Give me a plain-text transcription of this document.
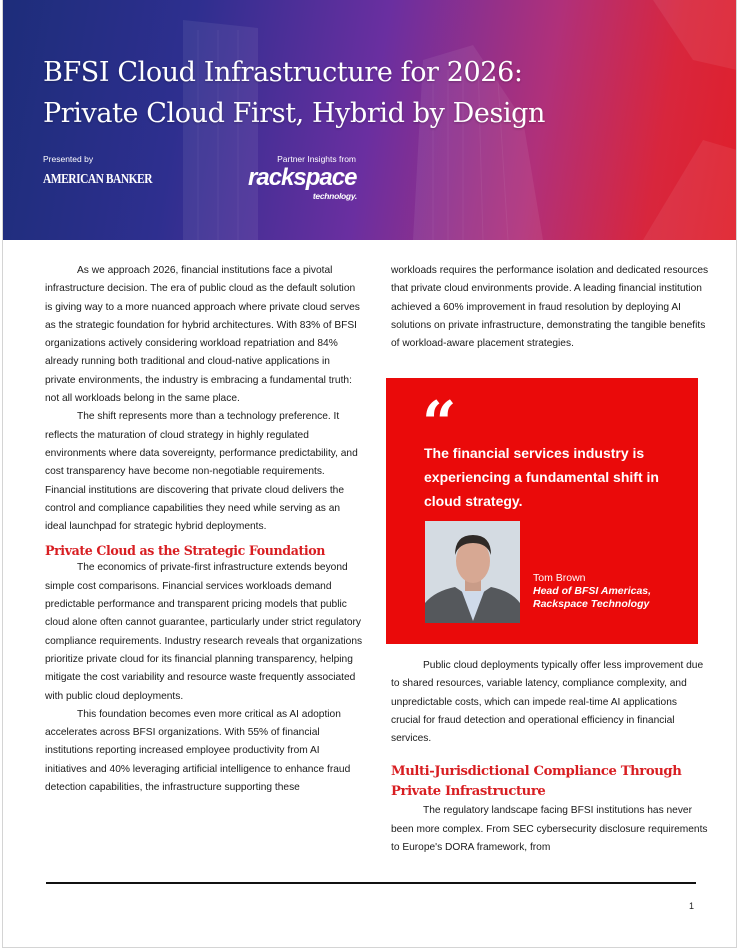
BFSI Cloud Infrastructure for 2026:
Private Cloud First, Hybrid by Design
Presented by
AMERICAN BANKER
Partner Insights from
rackspace
technology.

As we approach 2026, financial institutions face a pivotal infrastructure decision. The era of public cloud as the default solution is giving way to a more nuanced approach where private cloud serves as the strategic foundation for hybrid architectures. With 83% of BFSI organizations actively considering workload repatriation and 84% already running both traditional and cloud-native applications in private environments, the industry is embracing a fundamental truth: not all workloads belong in the same place.

The shift represents more than a technology preference. It reflects the maturation of cloud strategy in highly regulated environments where data sovereignty, performance predictability, and cost transparency have become non-negotiable requirements. Financial institutions are discovering that private cloud delivers the control and compliance capabilities they need while serving as an ideal launchpad for strategic hybrid deployments.

Private Cloud as the Strategic Foundation

The economics of private-first infrastructure extends beyond simple cost comparisons. Financial services workloads demand predictable performance and transparent pricing models that public cloud alone often cannot guarantee, particularly under strict regulatory compliance requirements. Industry research reveals that organizations prioritize private cloud for its financial planning transparency, helping mitigate the cost variability and resource waste frequently associated with public cloud deployments.

This foundation becomes even more critical as AI adoption accelerates across BFSI organizations. With 55% of financial institutions reporting increased employee productivity from AI initiatives and 40% leveraging artificial intelligence to enhance fraud detection capabilities, the infrastructure supporting these

workloads requires the performance isolation and dedicated resources that private cloud environments provide. A leading financial institution achieved a 60% improvement in fraud resolution by deploying AI solutions on private infrastructure, demonstrating the tangible benefits of workload-aware placement strategies.

“
The financial services industry is experiencing a fundamental shift in cloud strategy.
Tom Brown
Head of BFSI Americas,
Rackspace Technology

Public cloud deployments typically offer less improvement due to shared resources, variable latency, compliance complexity, and unpredictable costs, which can impede real-time AI applications crucial for fraud detection and operational efficiency in financial services.

Multi-Jurisdictional Compliance Through Private Infrastructure

The regulatory landscape facing BFSI institutions has never been more complex. From SEC cybersecurity disclosure requirements to Europe's DORA framework, from

1
